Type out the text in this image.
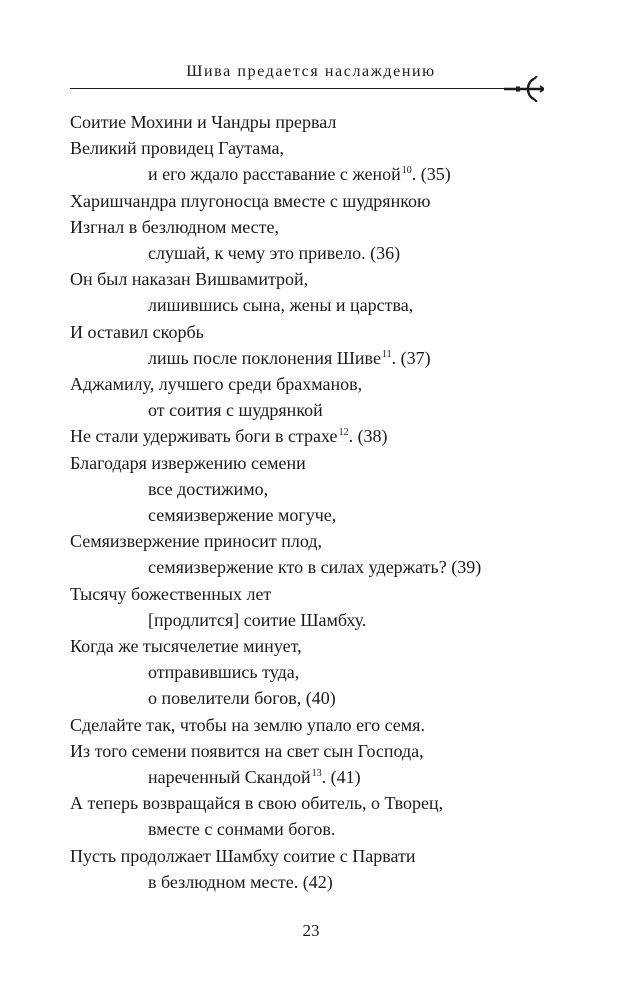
Шива предается наслаждению
Соитие Мохини и Чандры прервал
Великий провидец Гаутама,
и его ждало расставание с женой$^{10}$. (35)
Харишчандра плугоносца вместе с шудрянкою
Изгнал в безлюдном месте,
слушай, к чему это привело. (36)
Он был наказан Вишвамитрой,
лишившись сына, жены и царства,
И оставил скорбь
лишь после поклонения Шиве$^{11}$. (37)
Аджамилу, лучшего среди брахманов,
от соития с шудрянкой
Не стали удерживать боги в страхе$^{12}$. (38)
Благодаря извержению семени
все достижимо,
семяизвержение могуче,
Семяизвержение приносит плод,
семяизвержение кто в силах удержать? (39)
Тысячу божественных лет
[продлится] соитие Шамбху.
Когда же тысячелетие минует,
отправившись туда,
о повелители богов, (40)
Сделайте так, чтобы на землю упало его семя.
Из того семени появится на свет сын Господа,
нареченный Скандой$^{13}$. (41)
А теперь возвращайся в свою обитель, о Творец,
вместе с сонмами богов.
Пусть продолжает Шамбху соитие с Парвати
в безлюдном месте. (42)
23
